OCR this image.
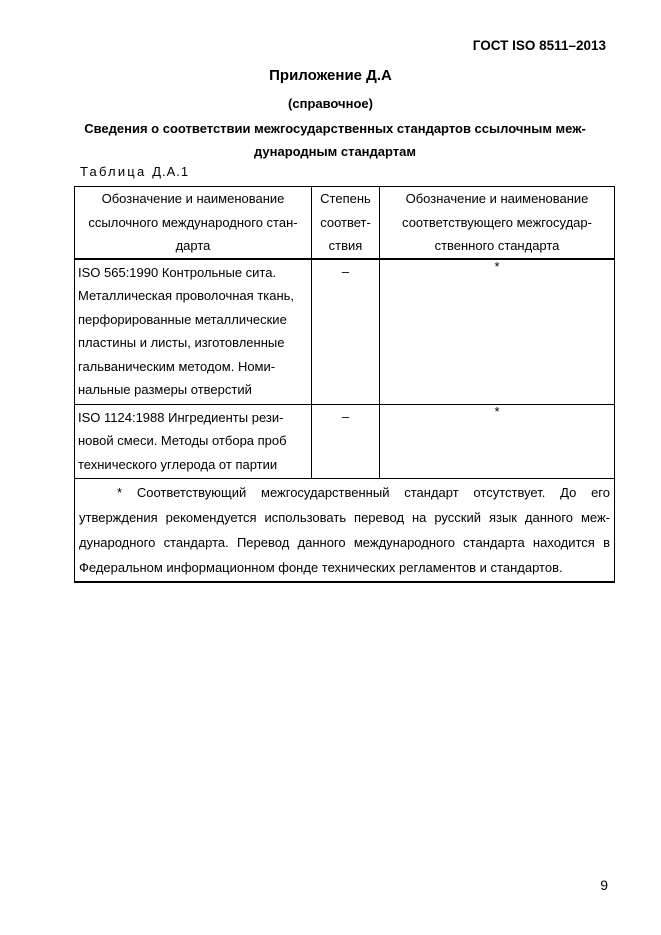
ГОСТ ISO 8511–2013
Приложение Д.А
(справочное)
Сведения о соответствии межгосударственных стандартов ссылочным меж-дународным стандартам
Таблица Д.А.1
Обозначение и наименование ссылочного международного стан-дарта	Степень соответ-ствия	Обозначение и наименование соответствующего межгосудар-ственного стандарта
ISO 565:1990 Контрольные сита. Металлическая проволочная ткань, перфорированные металлические пластины и листы, изготовленные гальваническим методом. Номи-нальные размеры отверстий	–	*
ISO 1124:1988 Ингредиенты рези-новой смеси. Методы отбора проб технического углерода от партии	–	*
* Соответствующий межгосударственный стандарт отсутствует. До его утверждения рекомендуется использовать перевод на русский язык данного меж-дународного стандарта. Перевод данного международного стандарта находится в Федеральном информационном фонде технических регламентов и стандартов.		
9
